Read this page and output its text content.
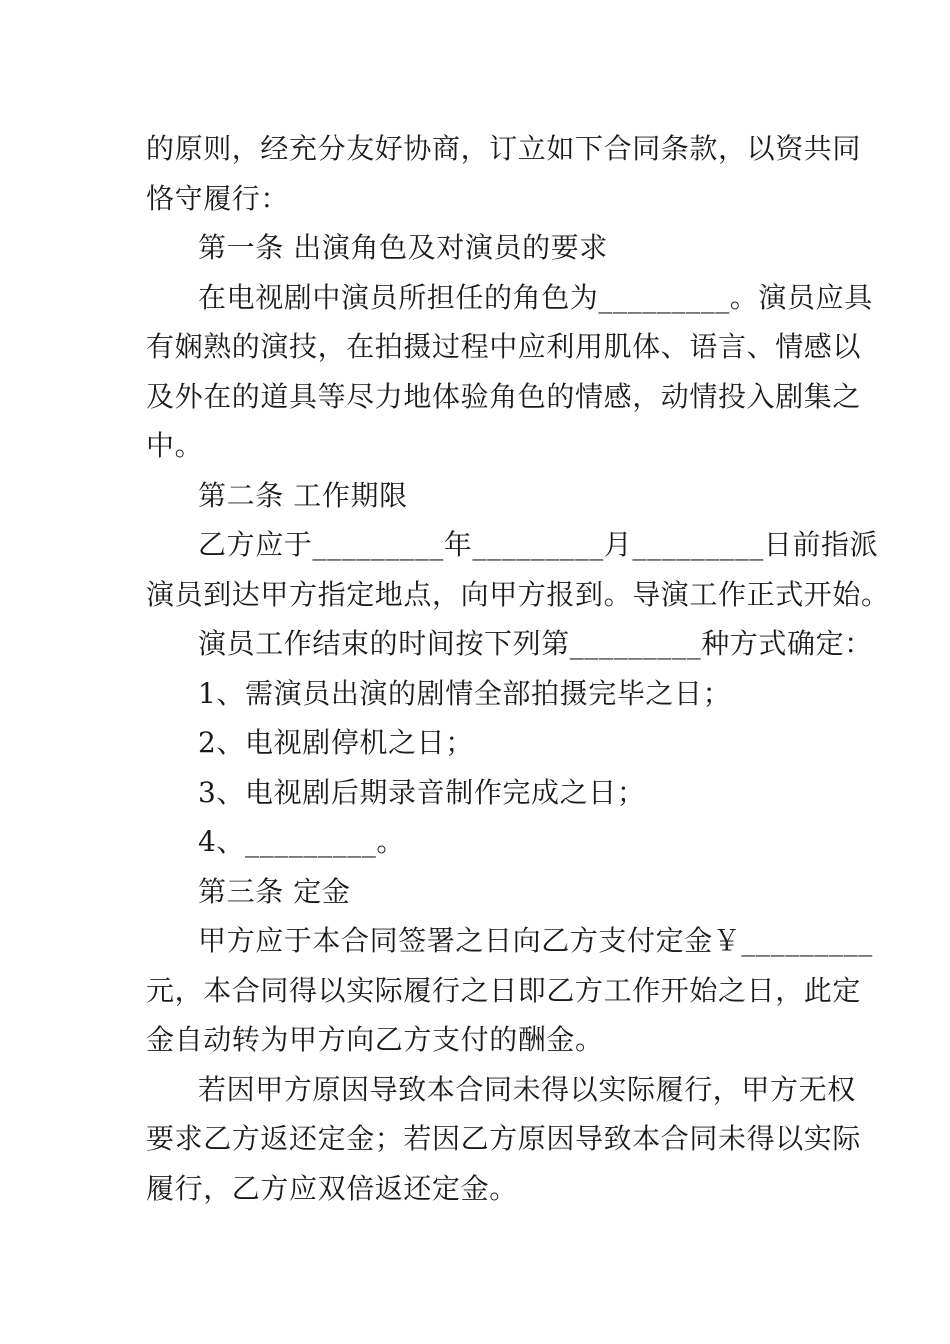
的原则，经充分友好协商，订立如下合同条款，以资共同
恪守履行：
第一条 出演角色及对演员的要求
在电视剧中演员所担任的角色为_________。演员应具
有娴熟的演技，在拍摄过程中应利用肌体、语言、情感以
及外在的道具等尽力地体验角色的情感，动情投入剧集之
中。
第二条 工作期限
乙方应于_________年_________月_________日前指派
演员到达甲方指定地点，向甲方报到。导演工作正式开始。
演员工作结束的时间按下列第_________种方式确定：
1、需演员出演的剧情全部拍摄完毕之日；
2、电视剧停机之日；
3、电视剧后期录音制作完成之日；
4、_________。
第三条 定金
甲方应于本合同签署之日向乙方支付定金￥_________
元，本合同得以实际履行之日即乙方工作开始之日，此定
金自动转为甲方向乙方支付的酬金。
若因甲方原因导致本合同未得以实际履行，甲方无权
要求乙方返还定金；若因乙方原因导致本合同未得以实际
履行，乙方应双倍返还定金。
